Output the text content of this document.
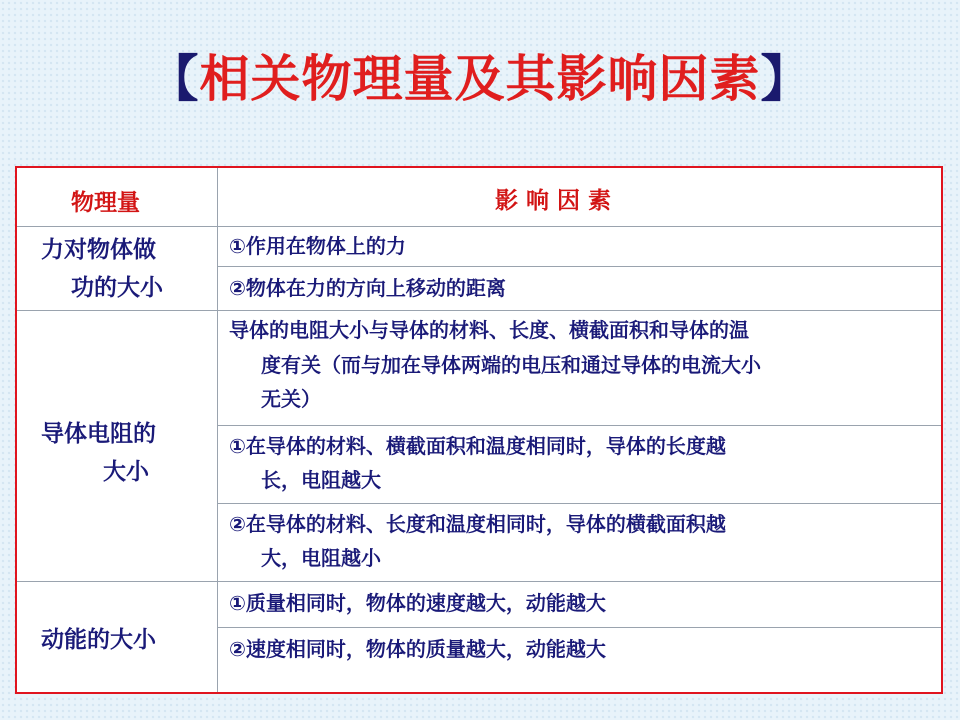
【相关物理量及其影响因素】
物理量	影 响 因 素
力对物体做
功的大小
①作用在物体上的力
②物体在力的方向上移动的距离
导体电阻的
大小
导体的电阻大小与导体的材料、长度、横截面积和导体的温
度有关（而与加在导体两端的电压和通过导体的电流大小
无关）
①在导体的材料、横截面积和温度相同时，导体的长度越
长，电阻越大
②在导体的材料、长度和温度相同时，导体的横截面积越
大，电阻越小
动能的大小
①质量相同时，物体的速度越大，动能越大
②速度相同时，物体的质量越大，动能越大
